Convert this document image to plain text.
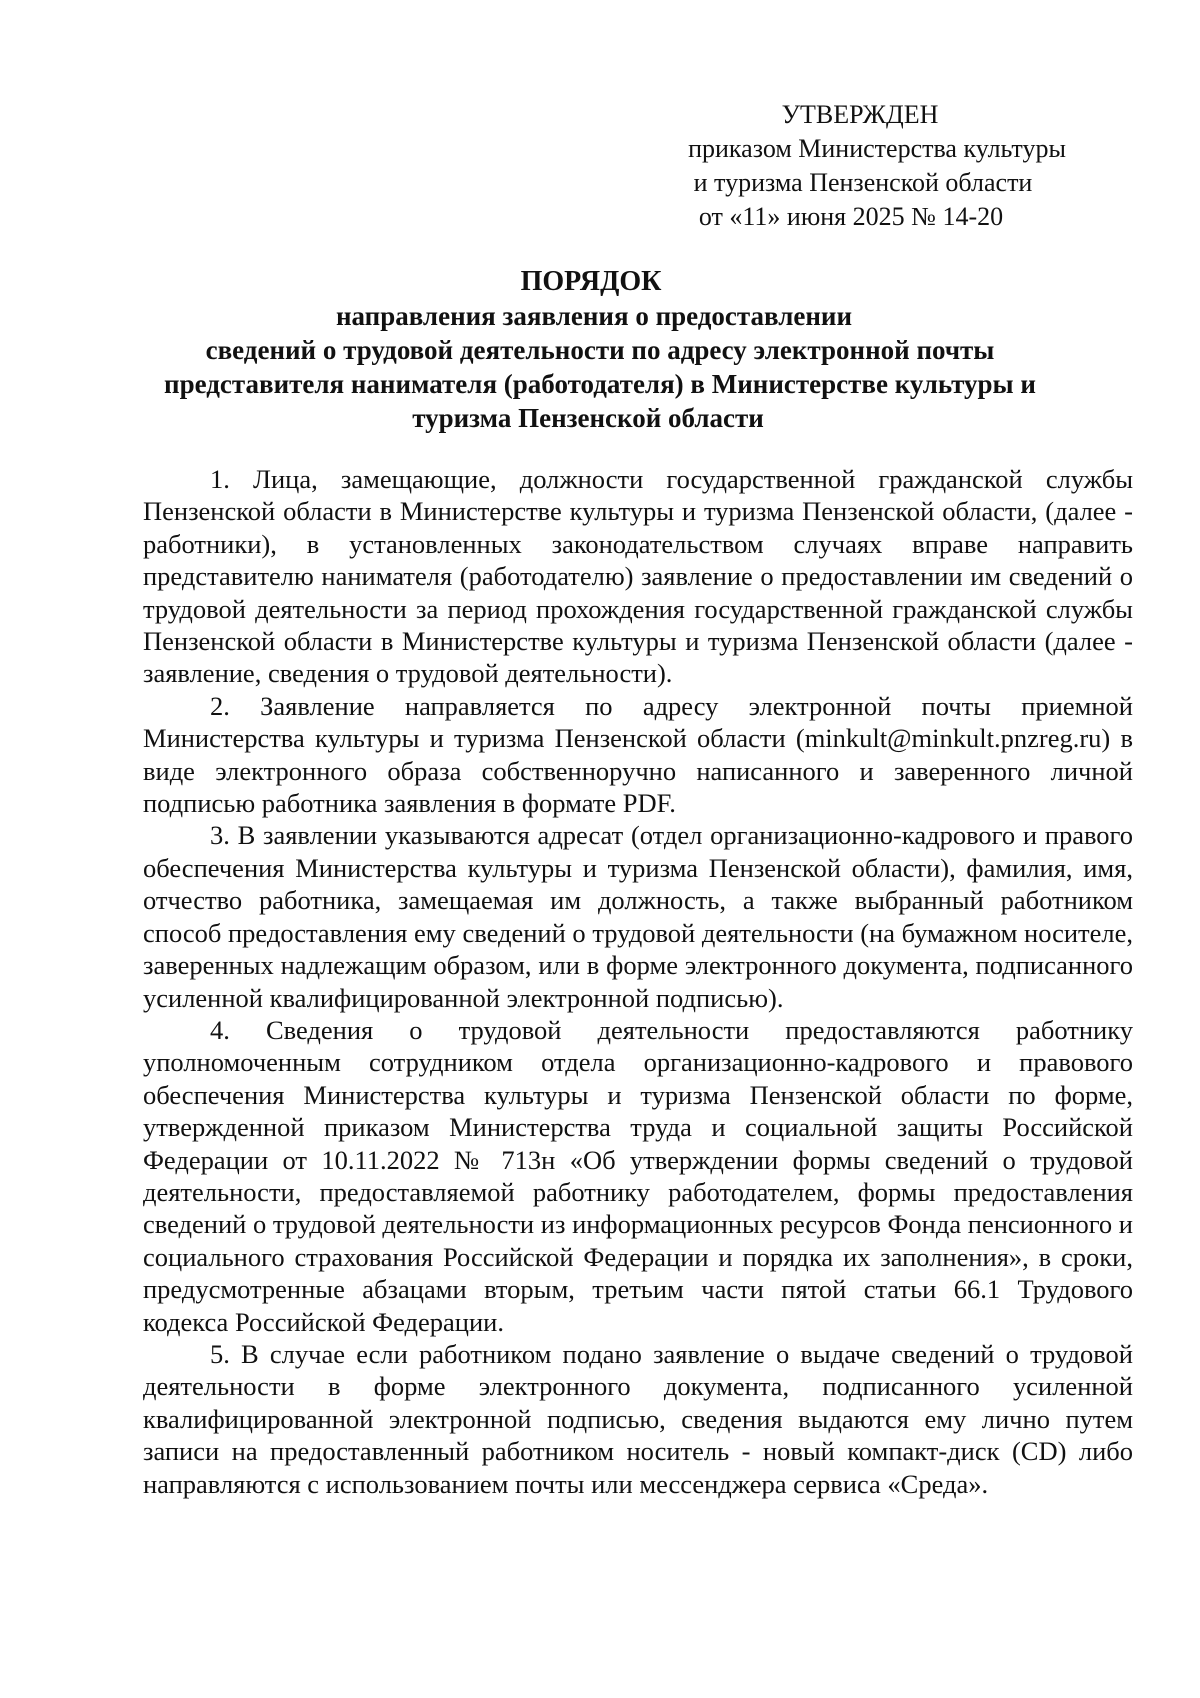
УТВЕРЖДЕН
приказом Министерства культуры
и туризма Пензенской области
от «11» июня 2025 № 14-20
ПОРЯДОК
направления заявления о предоставлении
сведений о трудовой деятельности по адресу электронной почты
представителя нанимателя (работодателя) в Министерстве культуры и
туризма Пензенской области

1. Лица, замещающие, должности государственной гражданской службы Пензенской области в Министерстве культуры и туризма Пензенской области, (далее - работники), в установленных законодательством случаях вправе направить представителю нанимателя (работодателю) заявление о предоставлении им сведений о трудовой деятельности за период прохождения государственной гражданской службы Пензенской области в Министерстве культуры и туризма Пензенской области (далее - заявление, сведения о трудовой деятельности).

2. Заявление направляется по адресу электронной почты приемной Министерства культуры и туризма Пензенской области (minkult@minkult.pnzreg.ru) в виде электронного образа собственноручно написанного и заверенного личной подписью работника заявления в формате PDF.

3. В заявлении указываются адресат (отдел организационно-кадрового и правого обеспечения Министерства культуры и туризма Пензенской области), фамилия, имя, отчество работника, замещаемая им должность, а также выбранный работником способ предоставления ему сведений о трудовой деятельности (на бумажном носителе, заверенных надлежащим образом, или в форме электронного документа, подписанного усиленной квалифицированной электронной подписью).

4. Сведения о трудовой деятельности предоставляются работнику уполномоченным сотрудником отдела организационно-кадрового и правового обеспечения Министерства культуры и туризма Пензенской области по форме, утвержденной приказом Министерства труда и социальной защиты Российской Федерации от 10.11.2022 № 713н «Об утверждении формы сведений о трудовой деятельности, предоставляемой работнику работодателем, формы предоставления сведений о трудовой деятельности из информационных ресурсов Фонда пенсионного и социального страхования Российской Федерации и порядка их заполнения», в сроки, предусмотренные абзацами вторым, третьим части пятой статьи 66.1 Трудового кодекса Российской Федерации.

5. В случае если работником подано заявление о выдаче сведений о трудовой деятельности в форме электронного документа, подписанного усиленной квалифицированной электронной подписью, сведения выдаются ему лично путем записи на предоставленный работником носитель - новый компакт-диск (CD) либо направляются с использованием почты или мессенджера сервиса «Среда».
